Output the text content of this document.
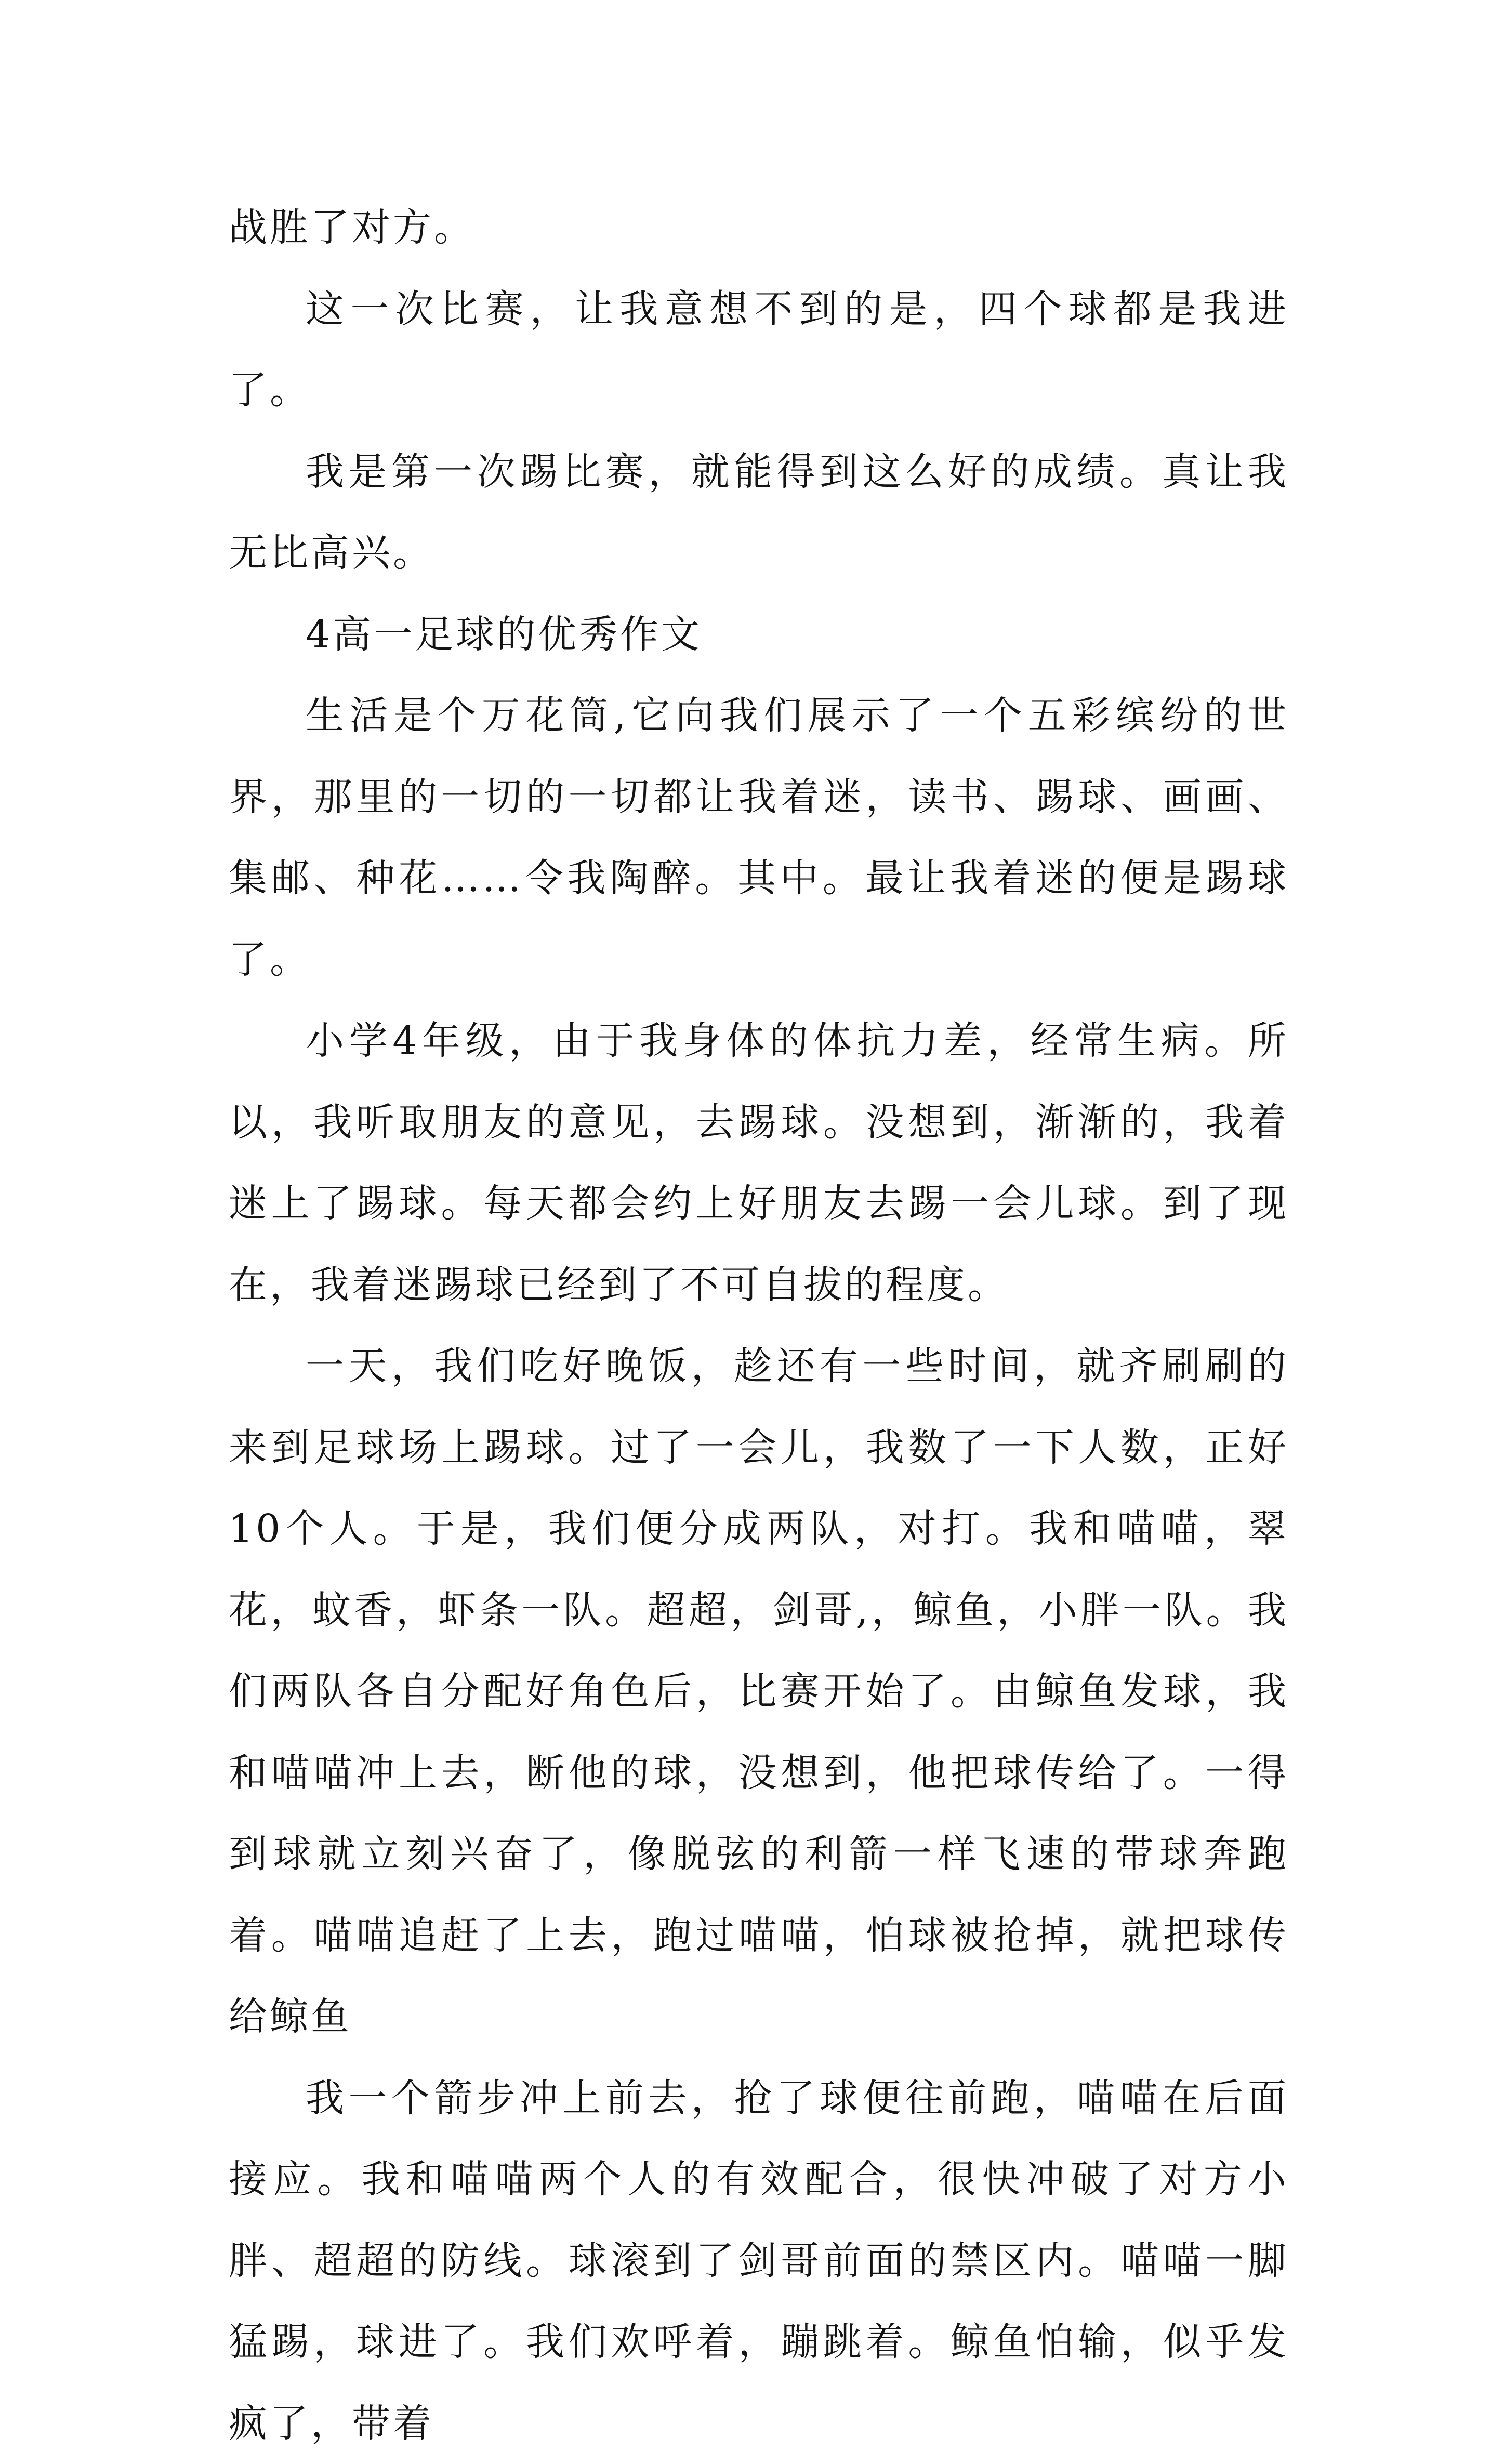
战胜了对方。

这一次比赛，让我意想不到的是，四个球都是我进了。

我是第一次踢比赛，就能得到这么好的成绩。真让我无比高兴。

4高一足球的优秀作文

生活是个万花筒,它向我们展示了一个五彩缤纷的世界，那里的一切的一切都让我着迷，读书、踢球、画画、集邮、种花……令我陶醉。其中。最让我着迷的便是踢球了。

小学4年级，由于我身体的体抗力差，经常生病。所以，我听取朋友的意见，去踢球。没想到，渐渐的，我着迷上了踢球。每天都会约上好朋友去踢一会儿球。到了现在，我着迷踢球已经到了不可自拔的程度。

一天，我们吃好晚饭，趁还有一些时间，就齐刷刷的来到足球场上踢球。过了一会儿，我数了一下人数，正好10个人。于是，我们便分成两队，对打。我和喵喵，翠花，蚊香，虾条一队。超超，剑哥,，鲸鱼，小胖一队。我们两队各自分配好角色后，比赛开始了。由鲸鱼发球，我和喵喵冲上去，断他的球，没想到，他把球传给了。一得到球就立刻兴奋了，像脱弦的利箭一样飞速的带球奔跑着。喵喵追赶了上去，跑过喵喵，怕球被抢掉，就把球传给鲸鱼

我一个箭步冲上前去，抢了球便往前跑，喵喵在后面接应。我和喵喵两个人的有效配合，很快冲破了对方小胖、超超的防线。球滚到了剑哥前面的禁区内。喵喵一脚猛踢，球进了。我们欢呼着，蹦跳着。鲸鱼怕输，似乎发疯了，带着
